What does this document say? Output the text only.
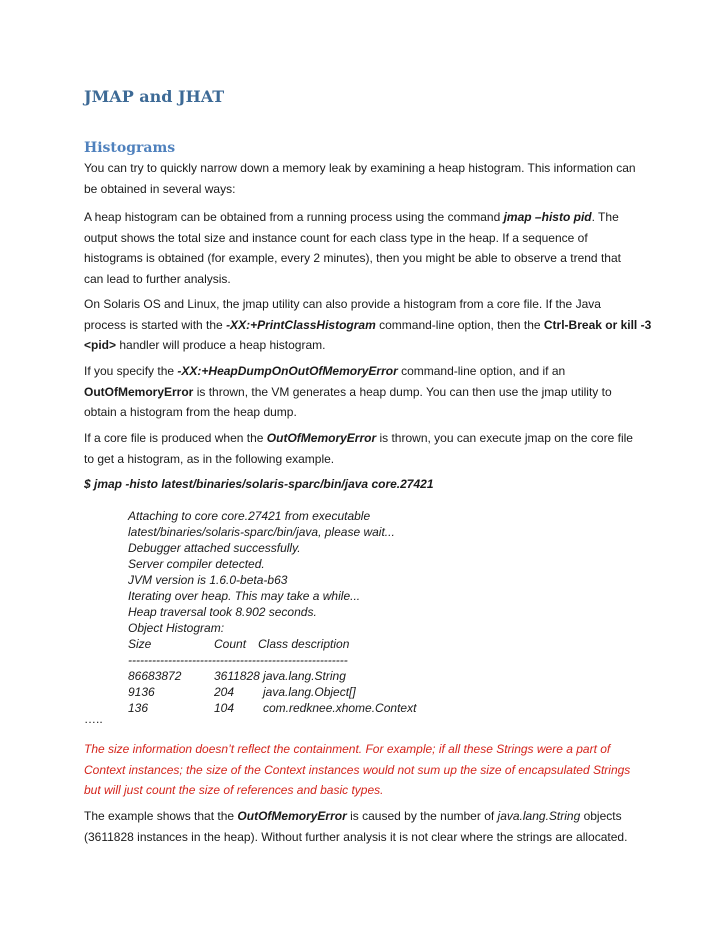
JMAP and JHAT
Histograms
You can try to quickly narrow down a memory leak by examining a heap histogram. This information can
be obtained in several ways:
A heap histogram can be obtained from a running process using the command jmap –histo pid. The
output shows the total size and instance count for each class type in the heap. If a sequence of
histograms is obtained (for example, every 2 minutes), then you might be able to observe a trend that
can lead to further analysis.
On Solaris OS and Linux, the jmap utility can also provide a histogram from a core file. If the Java
process is started with the -XX:+PrintClassHistogram command-line option, then the Ctrl-Break or kill -3
<pid> handler will produce a heap histogram.
If you specify the -XX:+HeapDumpOnOutOfMemoryError command-line option, and if an
OutOfMemoryError is thrown, the VM generates a heap dump. You can then use the jmap utility to
obtain a histogram from the heap dump.
If a core file is produced when the OutOfMemoryError is thrown, you can execute jmap on the core file
to get a histogram, as in the following example.
$ jmap -histo latest/binaries/solaris-sparc/bin/java core.27421
Attaching to core core.27421 from executable
latest/binaries/solaris-sparc/bin/java, please wait...
Debugger attached successfully.
Server compiler detected.
JVM version is 1.6.0-beta-b63
Iterating over heap. This may take a while...
Heap traversal took 8.902 seconds.
Object Histogram:
Size	Count Class description
-------------------------------------------------------
86683872	3611828 java.lang.String
9136	204 java.lang.Object[]
136	104 com.redknee.xhome.Context
…..
The size information doesn’t reflect the containment. For example; if all these Strings were a part of
Context instances; the size of the Context instances would not sum up the size of encapsulated Strings
but will just count the size of references and basic types.
The example shows that the OutOfMemoryError is caused by the number of java.lang.String objects
(3611828 instances in the heap). Without further analysis it is not clear where the strings are allocated.
